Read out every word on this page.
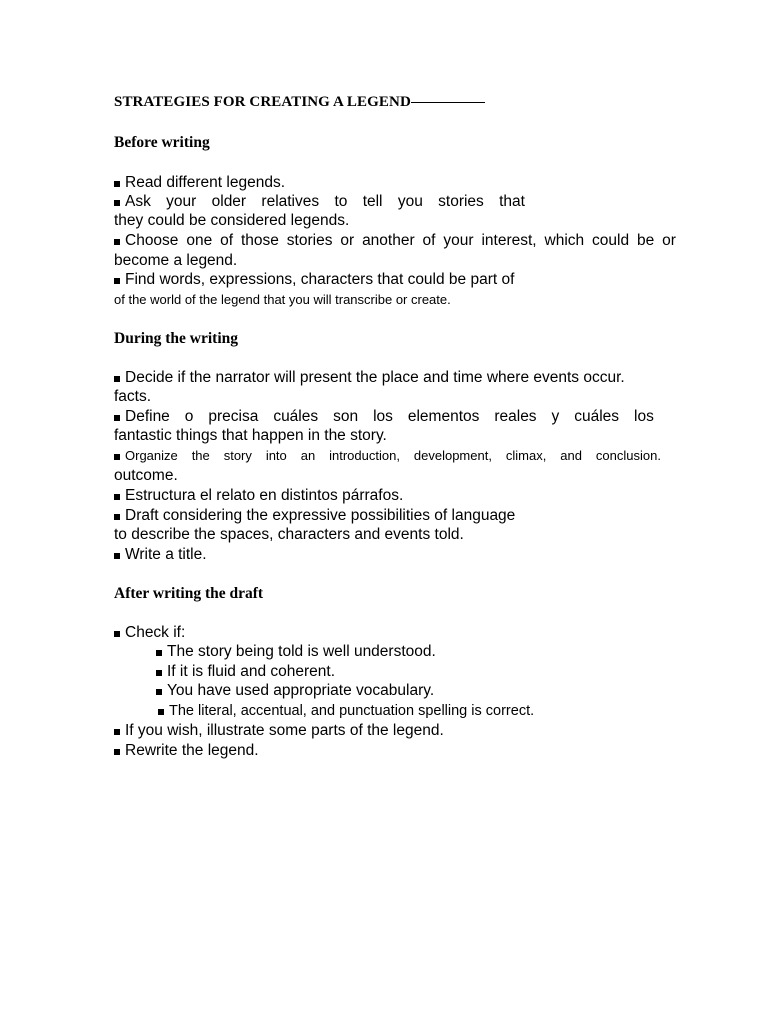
STRATEGIES FOR CREATING A LEGEND
Before writing
Read different legends.
Ask your older relatives to tell you stories that
they could be considered legends.
Choose one of those stories or another of your interest, which could be or
become a legend.
Find words, expressions, characters that could be part of
of the world of the legend that you will transcribe or create.
During the writing
Decide if the narrator will present the place and time where events occur.
facts.
Define o precisa cuáles son los elementos reales y cuáles los
fantastic things that happen in the story.
Organize the story into an introduction, development, climax, and conclusion.
outcome.
Estructura el relato en distintos párrafos.
Draft considering the expressive possibilities of language
to describe the spaces, characters and events told.
Write a title.
After writing the draft
Check if:
The story being told is well understood.
If it is fluid and coherent.
You have used appropriate vocabulary.
The literal, accentual, and punctuation spelling is correct.
If you wish, illustrate some parts of the legend.
Rewrite the legend.
